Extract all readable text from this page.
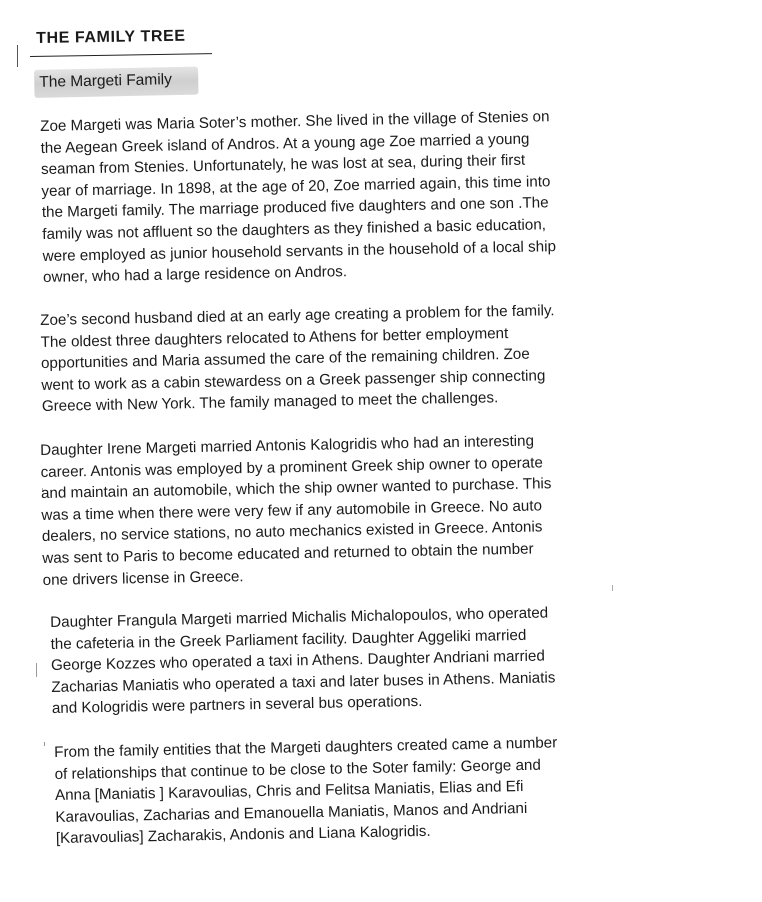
THE FAMILY TREE
The Margeti Family

Zoe Margeti was Maria Soter’s mother. She lived in the village of Stenies on
the Aegean Greek island of Andros. At a young age Zoe married a young
seaman from Stenies. Unfortunately, he was lost at sea, during their first
year of marriage. In 1898, at the age of 20, Zoe married again, this time into
the Margeti family. The marriage produced five daughters and one son .The
family was not affluent so the daughters as they finished a basic education,
were employed as junior household servants in the household of a local ship
owner, who had a large residence on Andros.

Zoe’s second husband died at an early age creating a problem for the family.
The oldest three daughters relocated to Athens for better employment
opportunities and Maria assumed the care of the remaining children. Zoe
went to work as a cabin stewardess on a Greek passenger ship connecting
Greece with New York. The family managed to meet the challenges.

Daughter Irene Margeti married Antonis Kalogridis who had an interesting
career. Antonis was employed by a prominent Greek ship owner to operate
and maintain an automobile, which the ship owner wanted to purchase. This
was a time when there were very few if any automobile in Greece. No auto
dealers, no service stations, no auto mechanics existed in Greece. Antonis
was sent to Paris to become educated and returned to obtain the number
one drivers license in Greece.

Daughter Frangula Margeti married Michalis Michalopoulos, who operated
the cafeteria in the Greek Parliament facility. Daughter Aggeliki married
George Kozzes who operated a taxi in Athens. Daughter Andriani married
Zacharias Maniatis who operated a taxi and later buses in Athens. Maniatis
and Kologridis were partners in several bus operations.

From the family entities that the Margeti daughters created came a number
of relationships that continue to be close to the Soter family: George and
Anna [Maniatis ] Karavoulias, Chris and Felitsa Maniatis, Elias and Efi
Karavoulias, Zacharias and Emanouella Maniatis, Manos and Andriani
[Karavoulias] Zacharakis, Andonis and Liana Kalogridis.
